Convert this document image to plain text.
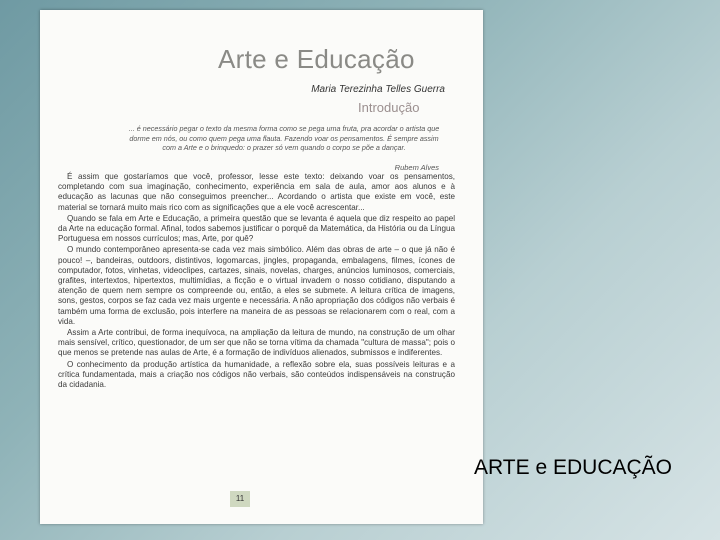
Arte e Educação
Maria Terezinha Telles Guerra
Introdução
... é necessário pegar o texto da mesma forma como se pega uma fruta, pra acordar o artista que dorme em nós, ou como quem pega uma flauta. Fazendo voar os pensamentos. É sempre assim com a Arte e o brinquedo: o prazer só vem quando o corpo se põe a dançar.
Rubem Alves

É assim que gostaríamos que você, professor, lesse este texto: deixando voar os pensamentos, completando com sua imaginação, conhecimento, experiência em sala de aula, amor aos alunos e à educação as lacunas que não conseguimos preencher... Acordando o artista que existe em você, este material se tornará muito mais rico com as significações que a ele você acrescentar...

Quando se fala em Arte e Educação, a primeira questão que se levanta é aquela que diz respeito ao papel da Arte na educação formal. Afinal, todos sabemos justificar o porquê da Matemática, da História ou da Língua Portuguesa em nossos currículos; mas, Arte, por quê?

O mundo contemporâneo apresenta-se cada vez mais simbólico. Além das obras de arte – o que já não é pouco! –, bandeiras, outdoors, distintivos, logomarcas, jingles, propaganda, embalagens, filmes, ícones de computador, fotos, vinhetas, videoclipes, cartazes, sinais, novelas, charges, anúncios luminosos, comerciais, grafites, intertextos, hipertextos, multimídias, a ficção e o virtual invadem o nosso cotidiano, disputando a atenção de quem nem sempre os compreende ou, então, a eles se submete. A leitura crítica de imagens, sons, gestos, corpos se faz cada vez mais urgente e necessária. A não apropriação dos códigos não verbais é também uma forma de exclusão, pois interfere na maneira de as pessoas se relacionarem com o real, com a vida.

Assim a Arte contribui, de forma inequívoca, na ampliação da leitura de mundo, na construção de um olhar mais sensível, crítico, questionador, de um ser que não se torna vítima da chamada "cultura de massa"; pois o que menos se pretende nas aulas de Arte, é a formação de indivíduos alienados, submissos e indiferentes.

O conhecimento da produção artística da humanidade, a reflexão sobre ela, suas possíveis leituras e a crítica fundamentada, mais a criação nos códigos não verbais, são conteúdos indispensáveis na construção da cidadania.

11
ARTE e EDUCAÇÃO
